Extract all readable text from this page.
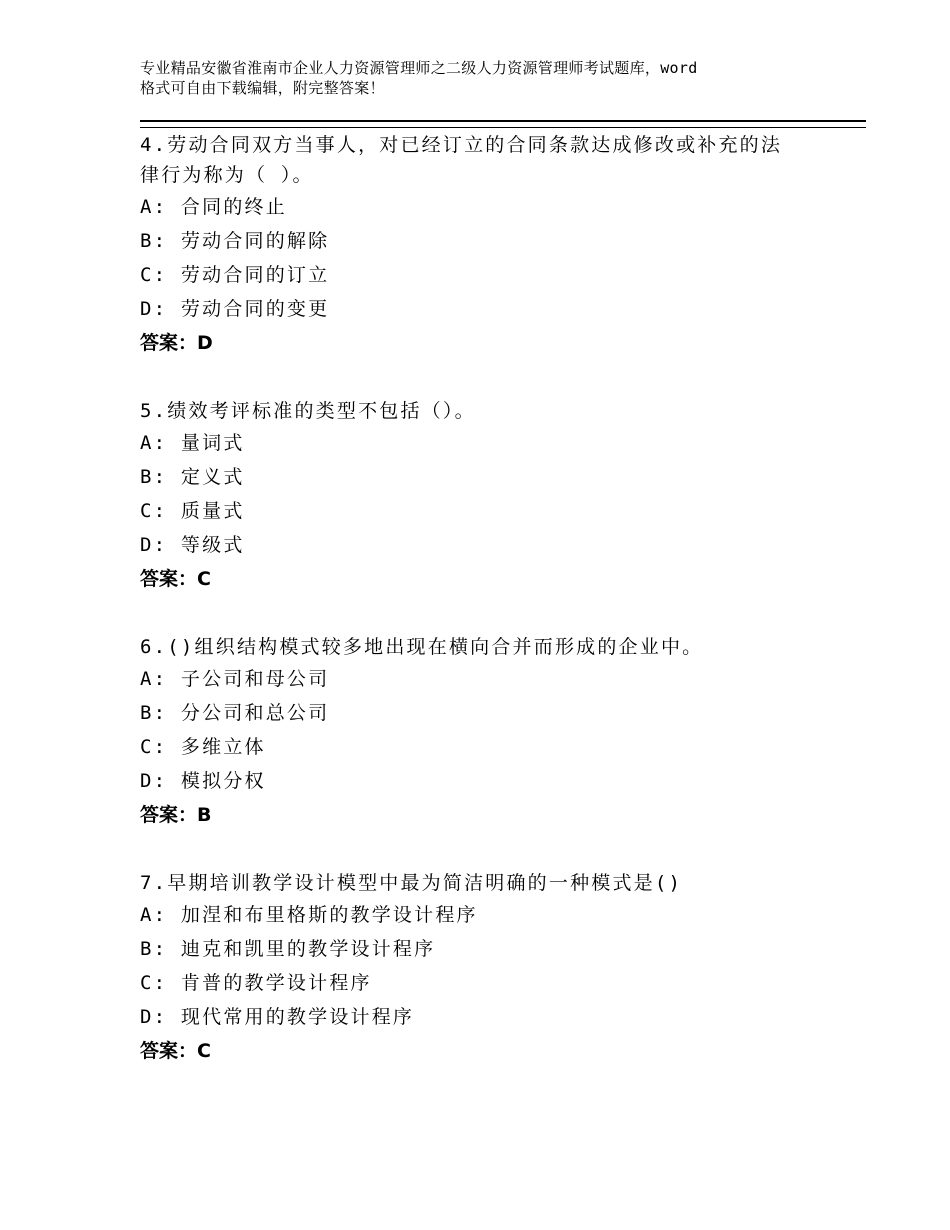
专业精品安徽省淮南市企业人力资源管理师之二级人力资源管理师考试题库，word
格式可自由下载编辑，附完整答案！

4.劳动合同双方当事人，对已经订立的合同条款达成修改或补充的法
律行为称为（ ）。

A: 合同的终止

B: 劳动合同的解除

C: 劳动合同的订立

D: 劳动合同的变更

答案：D

5.绩效考评标准的类型不包括（）。

A: 量词式

B: 定义式

C: 质量式

D: 等级式

答案：C

6.()组织结构模式较多地出现在横向合并而形成的企业中。

A: 子公司和母公司

B: 分公司和总公司

C: 多维立体

D: 模拟分权

答案：B

7.早期培训教学设计模型中最为简洁明确的一种模式是()

A: 加涅和布里格斯的教学设计程序

B: 迪克和凯里的教学设计程序

C: 肯普的教学设计程序

D: 现代常用的教学设计程序

答案：C
